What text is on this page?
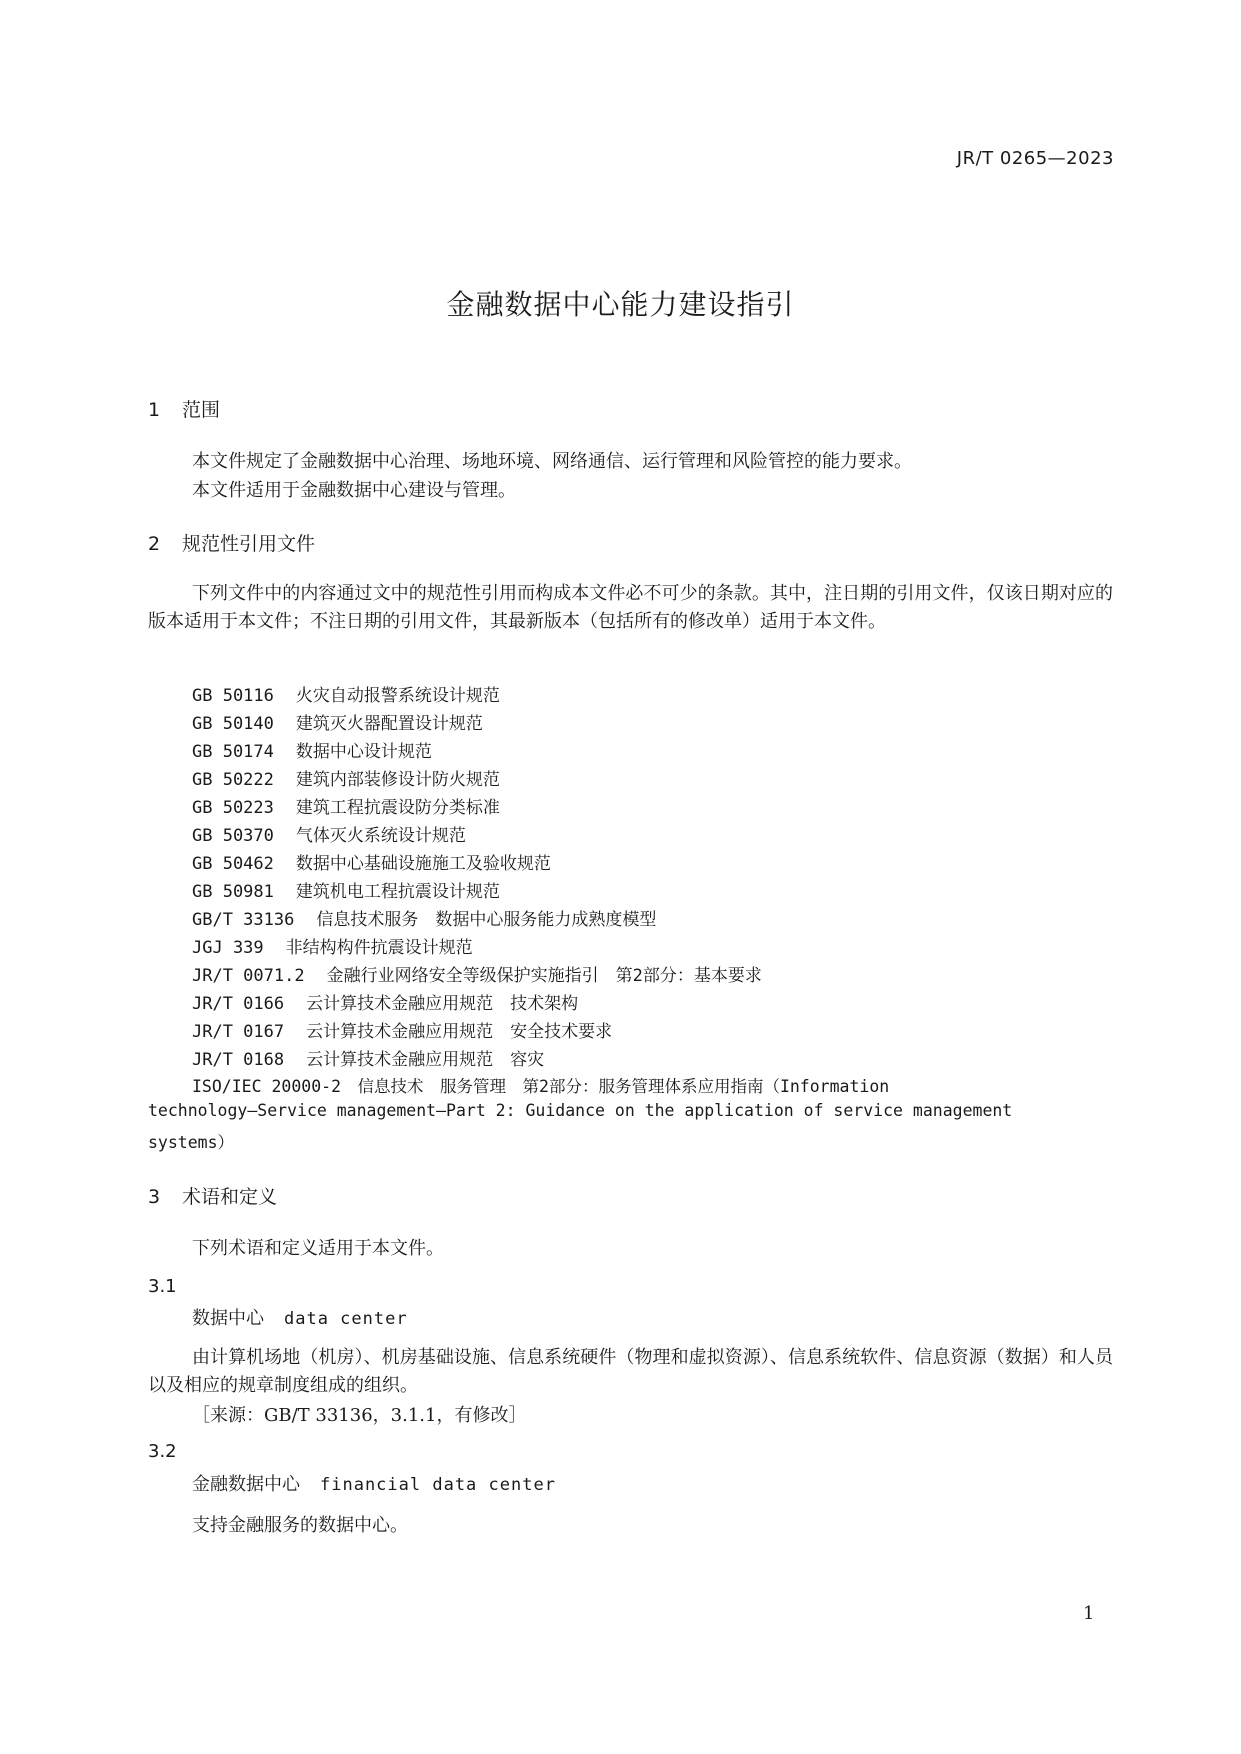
JR/T 0265—2023
金融数据中心能力建设指引
1 范围
本文件规定了金融数据中心治理、场地环境、网络通信、运行管理和风险管控的能力要求。
本文件适用于金融数据中心建设与管理。
2 规范性引用文件
下列文件中的内容通过文中的规范性引用而构成本文件必不可少的条款。其中，注日期的引用文件，仅该日期对应的版本适用于本文件；不注日期的引用文件，其最新版本（包括所有的修改单）适用于本文件。
GB 50116 火灾自动报警系统设计规范
GB 50140 建筑灭火器配置设计规范
GB 50174 数据中心设计规范
GB 50222 建筑内部装修设计防火规范
GB 50223 建筑工程抗震设防分类标准
GB 50370 气体灭火系统设计规范
GB 50462 数据中心基础设施施工及验收规范
GB 50981 建筑机电工程抗震设计规范
GB/T 33136 信息技术服务　数据中心服务能力成熟度模型
JGJ 339 非结构构件抗震设计规范
JR/T 0071.2 金融行业网络安全等级保护实施指引　第2部分：基本要求
JR/T 0166 云计算技术金融应用规范　技术架构
JR/T 0167 云计算技术金融应用规范　安全技术要求
JR/T 0168 云计算技术金融应用规范　容灾
ISO/IEC 20000-2　信息技术　服务管理　第2部分：服务管理体系应用指南（Information
technology—Service management—Part 2: Guidance on the application of service management
systems）
3 术语和定义
下列术语和定义适用于本文件。
3.1
数据中心 data center
由计算机场地（机房）、机房基础设施、信息系统硬件（物理和虚拟资源）、信息系统软件、信息资源（数据）和人员以及相应的规章制度组成的组织。
［来源：GB/T 33136，3.1.1，有修改］
3.2
金融数据中心 financial data center
支持金融服务的数据中心。
1
